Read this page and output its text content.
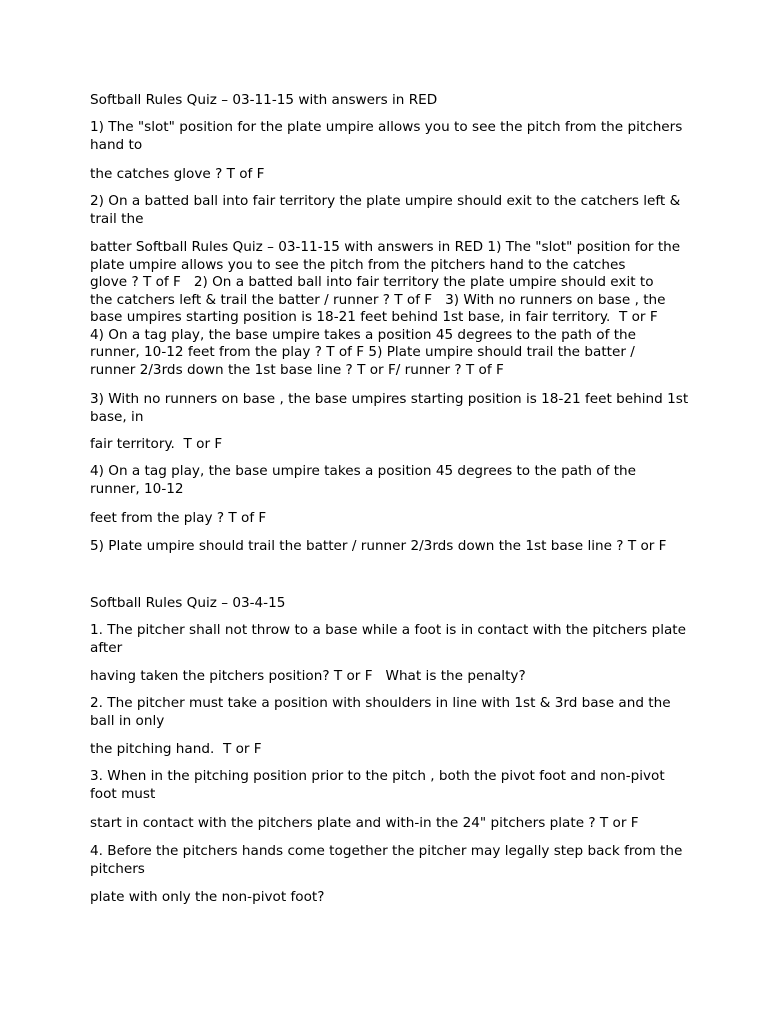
Softball Rules Quiz – 03-11-15 with answers in RED

1) The "slot" position for the plate umpire allows you to see the pitch from the pitchers hand to

the catches glove ? T of F

2) On a batted ball into fair territory the plate umpire should exit to the catchers left & trail the

batter Softball Rules Quiz – 03-11-15 with answers in RED 1) The "slot" position for the plate umpire allows you to see the pitch from the pitchers hand to the catches
glove ? T of F   2) On a batted ball into fair territory the plate umpire should exit to
the catchers left & trail the batter / runner ? T of F   3) With no runners on base , the
base umpires starting position is 18-21 feet behind 1st base, in fair territory.  T or F
4) On a tag play, the base umpire takes a position 45 degrees to the path of the
runner, 10-12 feet from the play ? T of F 5) Plate umpire should trail the batter /
runner 2/3rds down the 1st base line ? T or F/ runner ? T of F

3) With no runners on base , the base umpires starting position is 18-21 feet behind 1st base, in

fair territory.  T or F

4) On a tag play, the base umpire takes a position 45 degrees to the path of the runner, 10-12

feet from the play ? T of F

5) Plate umpire should trail the batter / runner 2/3rds down the 1st base line ? T or F

Softball Rules Quiz – 03-4-15

1. The pitcher shall not throw to a base while a foot is in contact with the pitchers plate after

having taken the pitchers position? T or F   What is the penalty?

2. The pitcher must take a position with shoulders in line with 1st & 3rd base and the ball in only

the pitching hand.  T or F

3. When in the pitching position prior to the pitch , both the pivot foot and non-pivot foot must

start in contact with the pitchers plate and with-in the 24" pitchers plate ? T or F

4. Before the pitchers hands come together the pitcher may legally step back from the pitchers

plate with only the non-pivot foot?
